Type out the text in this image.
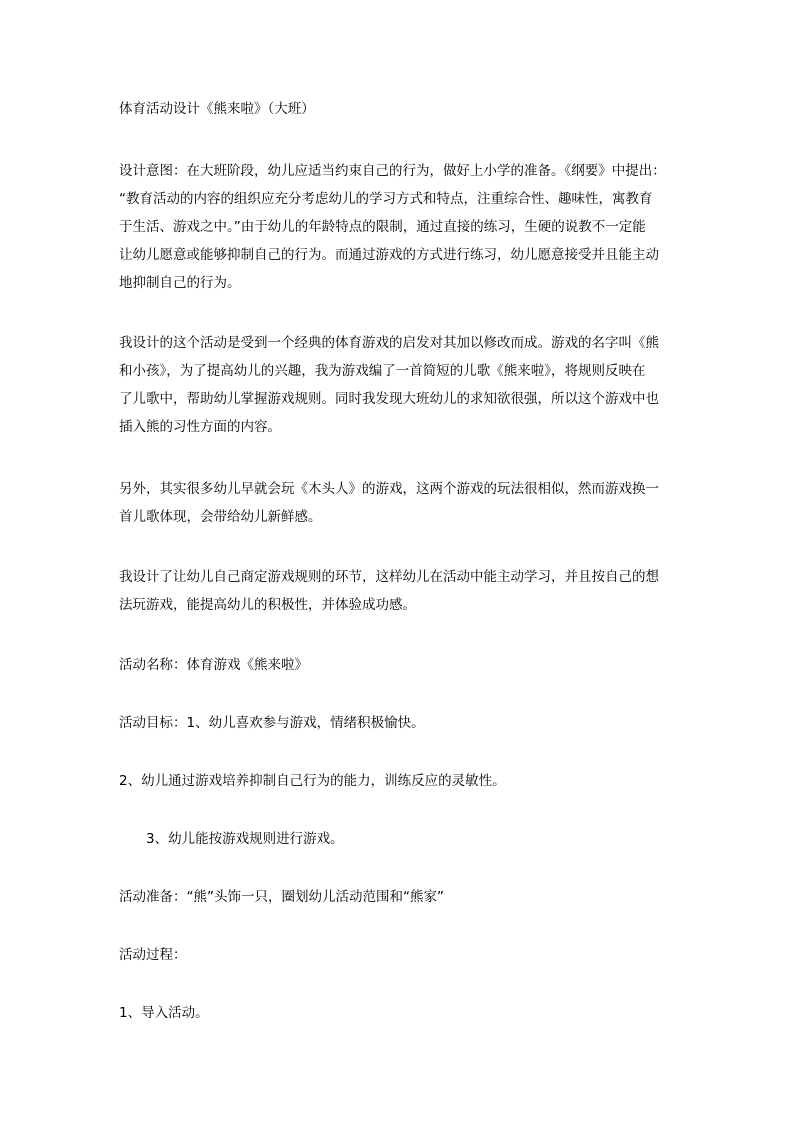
体育活动设计《熊来啦》（大班）

设计意图：在大班阶段，幼儿应适当约束自己的行为，做好上小学的准备。《纲要》中提出：
“教育活动的内容的组织应充分考虑幼儿的学习方式和特点，注重综合性、趣味性，寓教育
于生活、游戏之中。”由于幼儿的年龄特点的限制，通过直接的练习，生硬的说教不一定能
让幼儿愿意或能够抑制自己的行为。而通过游戏的方式进行练习，幼儿愿意接受并且能主动
地抑制自己的行为。

我设计的这个活动是受到一个经典的体育游戏的启发对其加以修改而成。游戏的名字叫《熊
和小孩》，为了提高幼儿的兴趣，我为游戏编了一首简短的儿歌《熊来啦》，将规则反映在
了儿歌中，帮助幼儿掌握游戏规则。同时我发现大班幼儿的求知欲很强，所以这个游戏中也
插入熊的习性方面的内容。

另外，其实很多幼儿早就会玩《木头人》的游戏，这两个游戏的玩法很相似，然而游戏换一
首儿歌体现，会带给幼儿新鲜感。

我设计了让幼儿自己商定游戏规则的环节，这样幼儿在活动中能主动学习，并且按自己的想
法玩游戏，能提高幼儿的积极性，并体验成功感。

活动名称：体育游戏《熊来啦》

活动目标：1、幼儿喜欢参与游戏，情绪积极愉快。

2、幼儿通过游戏培养抑制自己行为的能力，训练反应的灵敏性。

3、幼儿能按游戏规则进行游戏。

活动准备：“熊”头饰一只，圈划幼儿活动范围和“熊家”

活动过程：

1、导入活动。
